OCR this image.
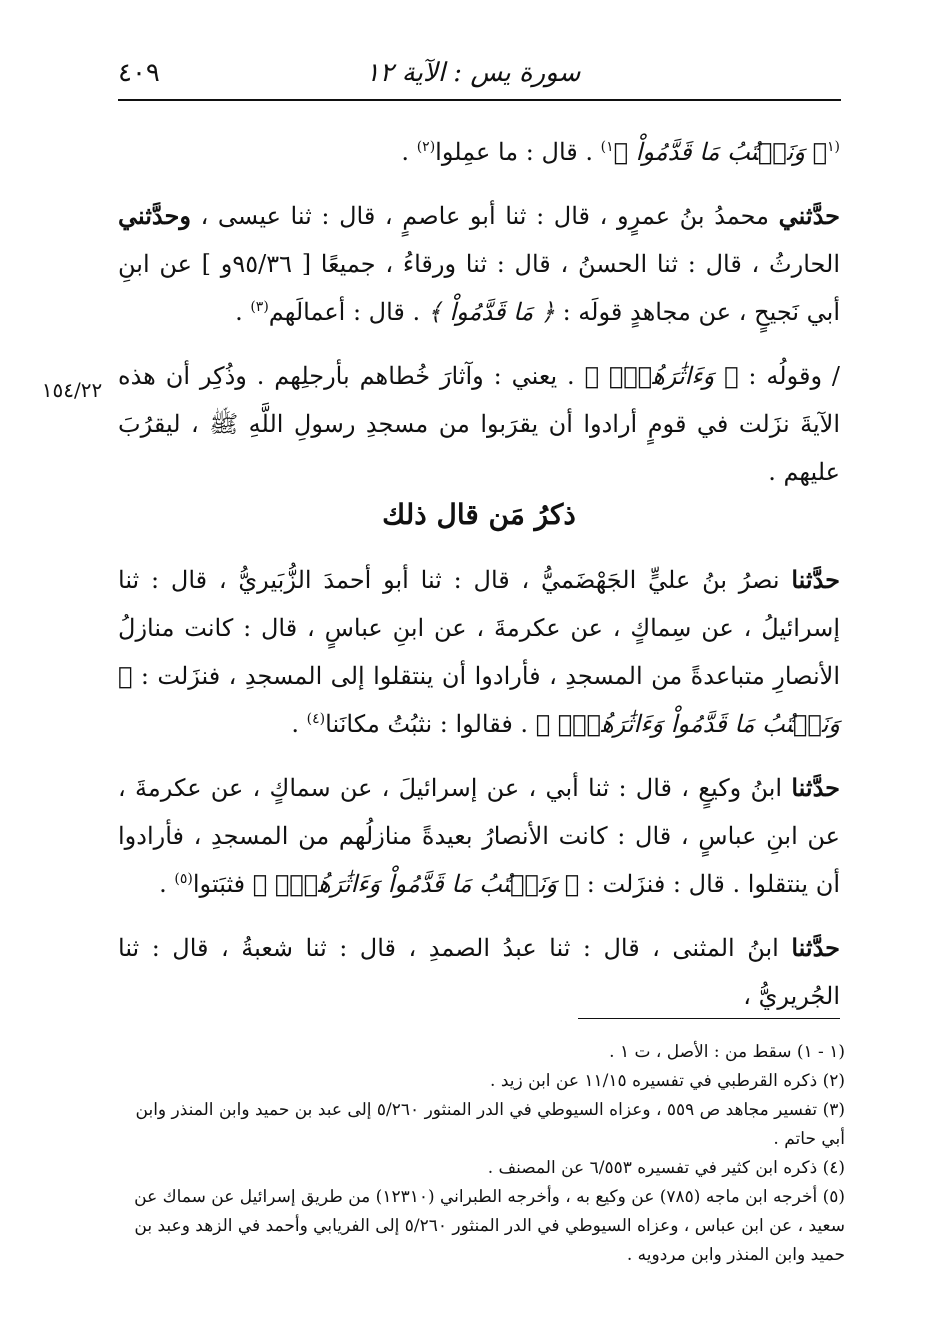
٤٠٩	سورة يس : الآية ١٢
١٥٤/٢٢

$^{(١}$﴿ وَنَكۡتُبُ مَا قَدَّمُواْ ﴾$^{١)}$ . قال : ما عمِلوا$^{(٢)}$ .

حدَّثني محمدُ بنُ عمرٍو ، قال : ثنا أبو عاصمٍ ، قال : ثنا عيسى ، وحدَّثني الحارثُ ، قال : ثنا الحسنُ ، قال : ثنا ورقاءُ ، جميعًا [ ٩٥/٣٦و ] عن ابنِ أبي نَجيحٍ ، عن مجاهدٍ قولَه : ﴿ مَا قَدَّمُواْ ﴾ . قال : أعمالَهم$^{(٣)}$ .

/ وقولُه : ﴿ وَءَاثَٰرَهُمۡۚ ﴾ . يعني : وآثارَ خُطاهم بأرجلِهم . وذُكِر أن هذه الآيةَ نزَلت في قومٍ أرادوا أن يقرَبوا من مسجدِ رسولِ اللَّهِ ﷺ ، ليقرُبَ عليهم .

ذكرُ مَن قال ذلك

حدَّثنا نصرُ بنُ عليٍّ الجَهْضَميُّ ، قال : ثنا أبو أحمدَ الزُّبَيريُّ ، قال : ثنا إسرائيلُ ، عن سِماكٍ ، عن عكرمةَ ، عن ابنِ عباسٍ ، قال : كانت منازلُ الأنصارِ متباعدةً من المسجدِ ، فأرادوا أن ينتقلوا إلى المسجدِ ، فنزَلت : ﴿ وَنَكۡتُبُ مَا قَدَّمُواْ وَءَاثَٰرَهُمۡۚ ﴾ . فقالوا : نثبُتُ مكانَنا$^{(٤)}$ .

حدَّثنا ابنُ وكيعٍ ، قال : ثنا أبي ، عن إسرائيلَ ، عن سماكٍ ، عن عكرمةَ ، عن ابنِ عباسٍ ، قال : كانت الأنصارُ بعيدةً منازلُهم من المسجدِ ، فأرادوا أن ينتقلوا . قال : فنزَلت : ﴿ وَنَكۡتُبُ مَا قَدَّمُواْ وَءَاثَٰرَهُمۡۚ ﴾ فثبَتوا$^{(٥)}$ .

حدَّثنا ابنُ المثنى ، قال : ثنا عبدُ الصمدِ ، قال : ثنا شعبةُ ، قال : ثنا الجُريريُّ ،

(١ - ١) سقط من : الأصل ، ت ١ .

(٢) ذكره القرطبي في تفسيره ١١/١٥ عن ابن زيد .

(٣) تفسير مجاهد ص ٥٥٩ ، وعزاه السيوطي في الدر المنثور ٥/٢٦٠ إلى عبد بن حميد وابن المنذر وابن أبي حاتم .

(٤) ذكره ابن كثير في تفسيره ٦/٥٥٣ عن المصنف .

(٥) أخرجه ابن ماجه (٧٨٥) عن وكيع به ، وأخرجه الطبراني (١٢٣١٠) من طريق إسرائيل عن سماك عن سعيد ، عن ابن عباس ، وعزاه السيوطي في الدر المنثور ٥/٢٦٠ إلى الفريابي وأحمد في الزهد وعبد بن حميد وابن المنذر وابن مردويه .
